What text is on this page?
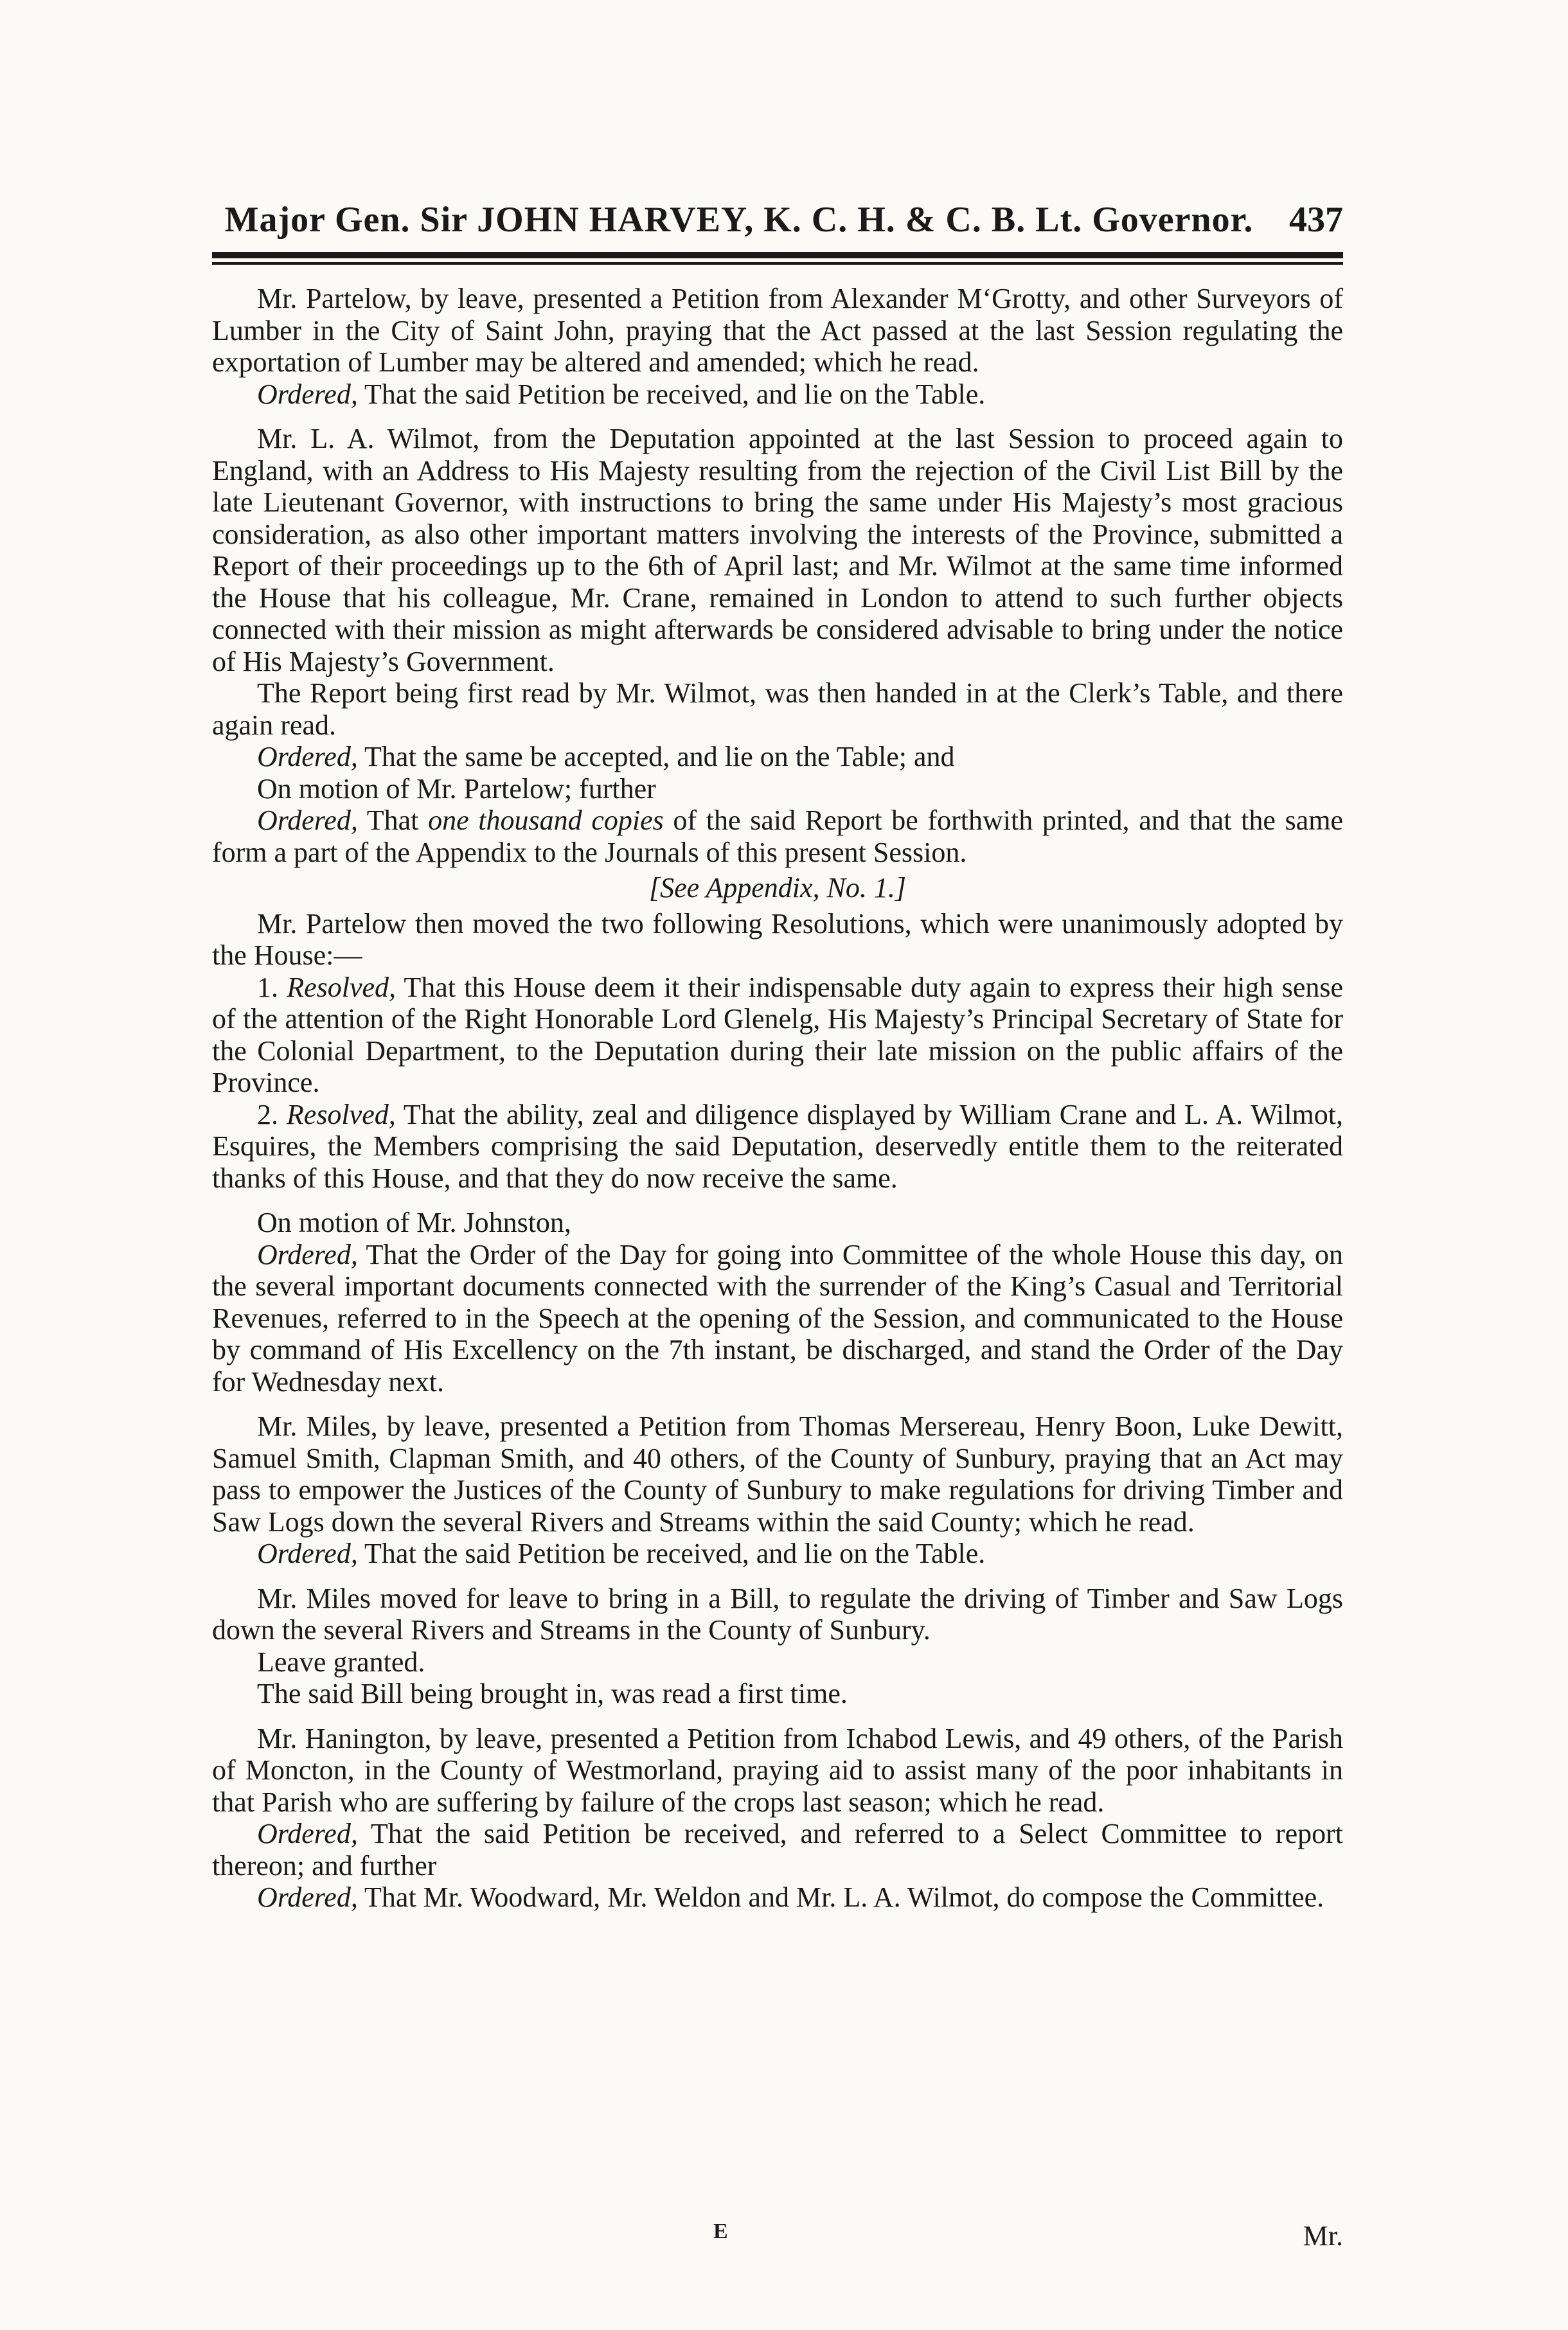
Major Gen. Sir JOHN HARVEY, K. C. H. & C. B. Lt. Governor. 437

Mr. Partelow, by leave, presented a Petition from Alexander M‘Grotty, and other Surveyors of Lumber in the City of Saint John, praying that the Act passed at the last Session regulating the exportation of Lumber may be altered and amended; which he read.

Ordered, That the said Petition be received, and lie on the Table.

Mr. L. A. Wilmot, from the Deputation appointed at the last Session to proceed again to England, with an Address to His Majesty resulting from the rejection of the Civil List Bill by the late Lieutenant Governor, with instructions to bring the same under His Majesty’s most gracious consideration, as also other important matters involving the interests of the Province, submitted a Report of their proceedings up to the 6th of April last; and Mr. Wilmot at the same time informed the House that his colleague, Mr. Crane, remained in London to attend to such further objects connected with their mission as might afterwards be considered advisable to bring under the notice of His Majesty’s Government.

The Report being first read by Mr. Wilmot, was then handed in at the Clerk’s Table, and there again read.

Ordered, That the same be accepted, and lie on the Table; and

On motion of Mr. Partelow; further

Ordered, That one thousand copies of the said Report be forthwith printed, and that the same form a part of the Appendix to the Journals of this present Session.

[See Appendix, No. 1.]

Mr. Partelow then moved the two following Resolutions, which were unanimously adopted by the House:—

1. Resolved, That this House deem it their indispensable duty again to express their high sense of the attention of the Right Honorable Lord Glenelg, His Majesty’s Principal Secretary of State for the Colonial Department, to the Deputation during their late mission on the public affairs of the Province.

2. Resolved, That the ability, zeal and diligence displayed by William Crane and L. A. Wilmot, Esquires, the Members comprising the said Deputation, deservedly entitle them to the reiterated thanks of this House, and that they do now receive the same.

On motion of Mr. Johnston,

Ordered, That the Order of the Day for going into Committee of the whole House this day, on the several important documents connected with the surrender of the King’s Casual and Territorial Revenues, referred to in the Speech at the opening of the Session, and communicated to the House by command of His Excellency on the 7th instant, be discharged, and stand the Order of the Day for Wednesday next.

Mr. Miles, by leave, presented a Petition from Thomas Mersereau, Henry Boon, Luke Dewitt, Samuel Smith, Clapman Smith, and 40 others, of the County of Sunbury, praying that an Act may pass to empower the Justices of the County of Sunbury to make regulations for driving Timber and Saw Logs down the several Rivers and Streams within the said County; which he read.

Ordered, That the said Petition be received, and lie on the Table.

Mr. Miles moved for leave to bring in a Bill, to regulate the driving of Timber and Saw Logs down the several Rivers and Streams in the County of Sunbury.

Leave granted.

The said Bill being brought in, was read a first time.

Mr. Hanington, by leave, presented a Petition from Ichabod Lewis, and 49 others, of the Parish of Moncton, in the County of Westmorland, praying aid to assist many of the poor inhabitants in that Parish who are suffering by failure of the crops last season; which he read.

Ordered, That the said Petition be received, and referred to a Select Committee to report thereon; and further

Ordered, That Mr. Woodward, Mr. Weldon and Mr. L. A. Wilmot, do compose the Committee.

E	Mr.
